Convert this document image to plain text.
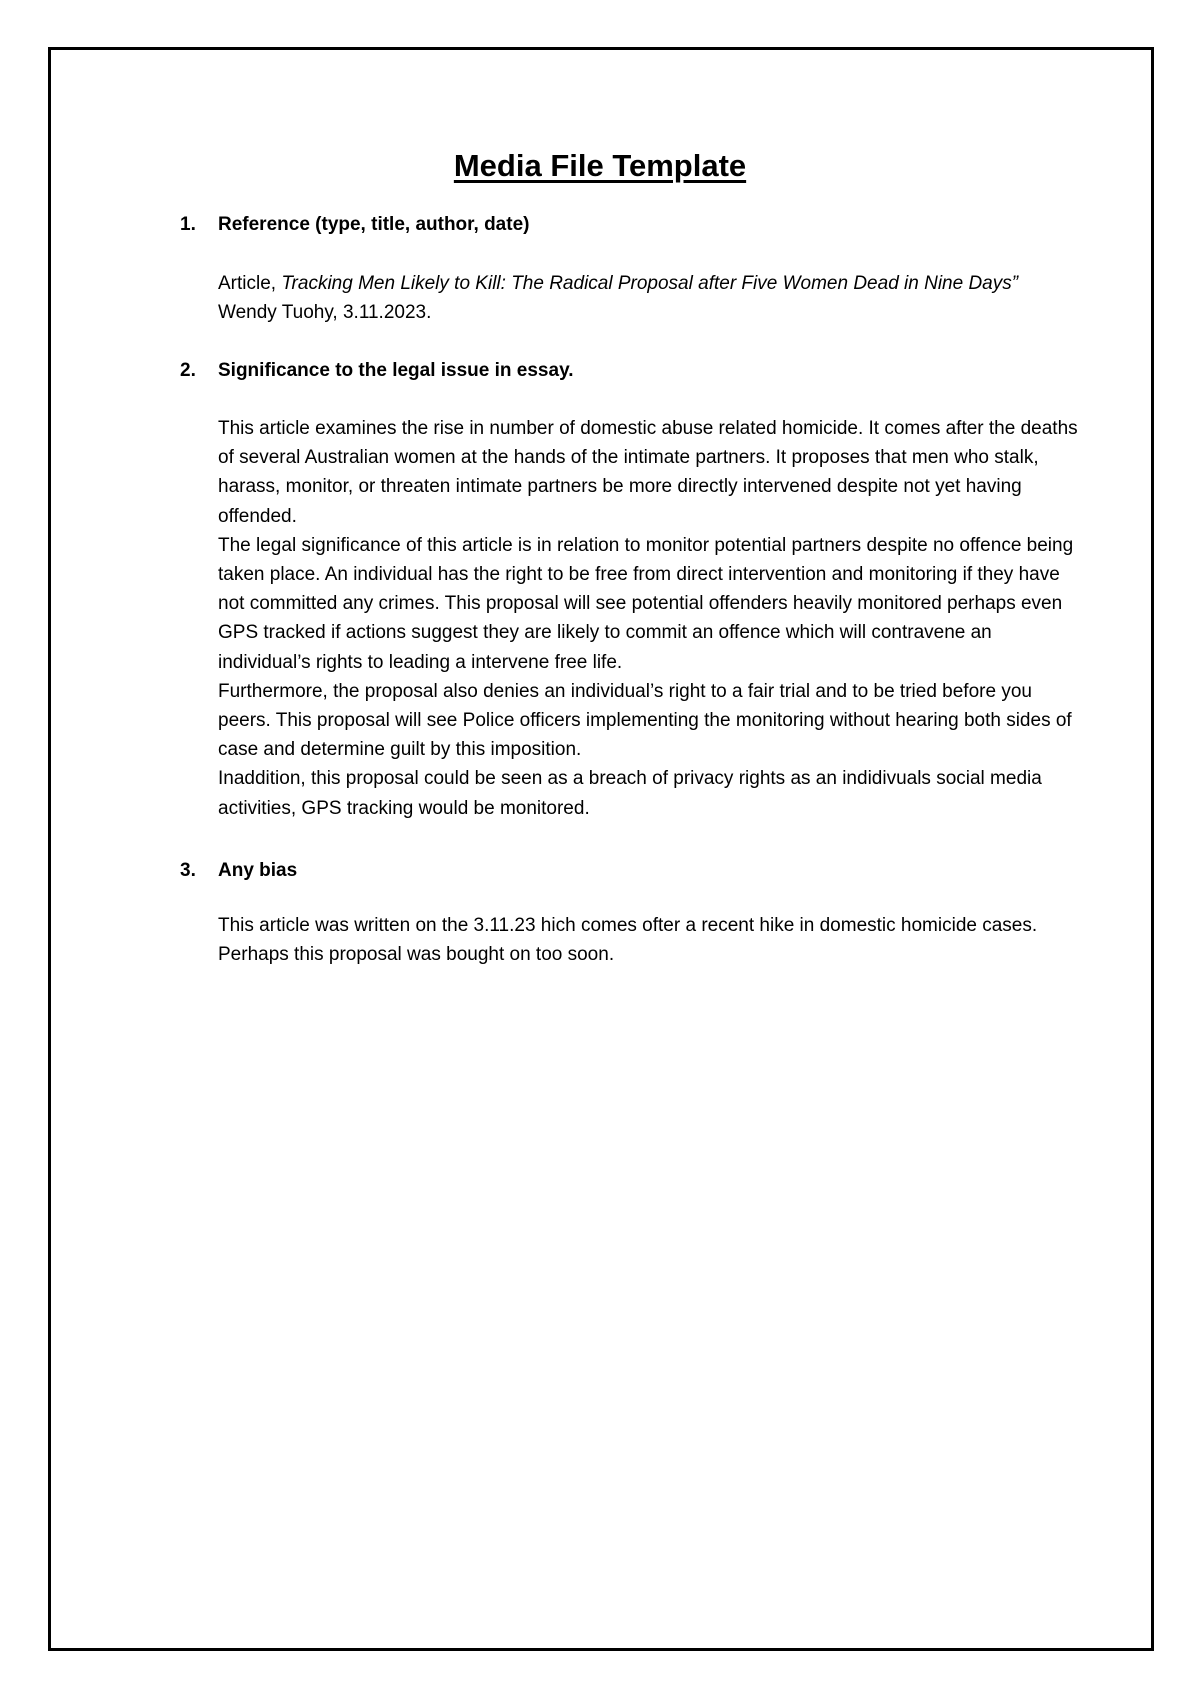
Media File Template
1.	Reference (type, title, author, date)

Article, Tracking Men Likely to Kill: The Radical Proposal after Five Women Dead in Nine Days” Wendy Tuohy, 3.11.2023.

2.	Significance to the legal issue in essay.

This article examines the rise in number of domestic abuse related homicide. It comes after the deaths of several Australian women at the hands of the intimate partners. It proposes that men who stalk, harass, monitor, or threaten intimate partners be more directly intervened despite not yet having offended.

The legal significance of this article is in relation to monitor potential partners despite no offence being taken place. An individual has the right to be free from direct intervention and monitoring if they have not committed any crimes. This proposal will see potential offenders heavily monitored perhaps even GPS tracked if actions suggest they are likely to commit an offence which will contravene an individual’s rights to leading a intervene free life.

Furthermore, the proposal also denies an individual’s right to a fair trial and to be tried before you peers. This proposal will see Police officers implementing the monitoring without hearing both sides of case and determine guilt by this imposition.

Inaddition, this proposal could be seen as a breach of privacy rights as an indidivuals social media activities, GPS tracking would be monitored.

3.	Any bias

This article was written on the 3.11.23 hich comes ofter a recent hike in domestic homicide cases. Perhaps this proposal was bought on too soon.
